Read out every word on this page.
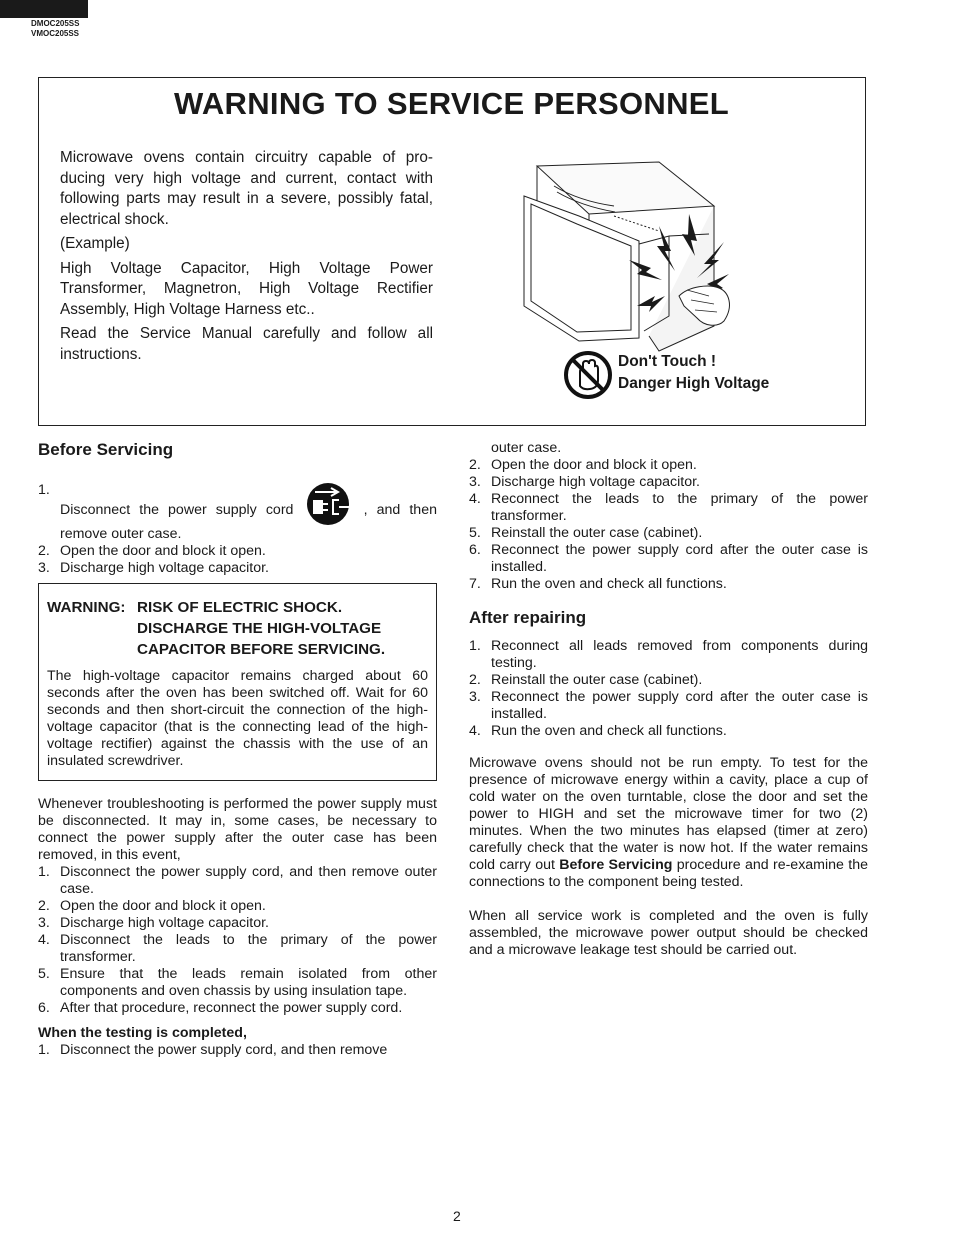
DMOC205SS
VMOC205SS
WARNING TO SERVICE PERSONNEL

Microwave ovens contain circuitry capable of pro-ducing very high voltage and current, contact with following parts may result in a severe, possibly fatal, electrical shock.

(Example)

High Voltage Capacitor, High Voltage Power Transformer, Magnetron, High Voltage Rectifier Assembly, High Voltage Harness etc..

Read the Service Manual carefully and follow all instructions.	Don't Touch !
Danger High Voltage
Before Servicing
1.
Disconnect the power supply cord	, and then remove outer case.
2. Open the door and block it open.
3. Discharge high voltage capacitor.
WARNING: RISK OF ELECTRIC SHOCK.
DISCHARGE THE HIGH-VOLTAGE
CAPACITOR BEFORE SERVICING.
The high-voltage capacitor remains charged about 60 seconds after the oven has been switched off. Wait for 60 seconds and then short-circuit the connection of the high-voltage capacitor (that is the connecting lead of the high-voltage rectifier) against the chassis with the use of an insulated screwdriver.
Whenever troubleshooting is performed the power supply must be disconnected. It may in, some cases, be necessary to connect the power supply after the outer case has been removed, in this event,
1. Disconnect the power supply cord, and then remove outer case.
2. Open the door and block it open.
3. Discharge high voltage capacitor.
4. Disconnect the leads to the primary of the power transformer.
5. Ensure that the leads remain isolated from other components and oven chassis by using insulation tape.
6. After that procedure, reconnect the power supply cord.
When the testing is completed,
1. Disconnect the power supply cord, and then remove
outer case.
2. Open the door and block it open.
3. Discharge high voltage capacitor.
4. Reconnect the leads to the primary of the power transformer.
5. Reinstall the outer case (cabinet).
6. Reconnect the power supply cord after the outer case is installed.
7. Run the oven and check all functions.
After repairing
1. Reconnect all leads removed from components during testing.
2. Reinstall the outer case (cabinet).
3. Reconnect the power supply cord after the outer case is installed.
4. Run the oven and check all functions.
Microwave ovens should not be run empty. To test for the presence of microwave energy within a cavity, place a cup of cold water on the oven turntable, close the door and set the power to HIGH and set the microwave timer for two (2) minutes. When the two minutes has elapsed (timer at zero) carefully check that the water is now hot. If the water remains cold carry out Before Servicing procedure and re-examine the connections to the component being tested.
When all service work is completed and the oven is fully assembled, the microwave power output should be checked and a microwave leakage test should be carried out.
2
